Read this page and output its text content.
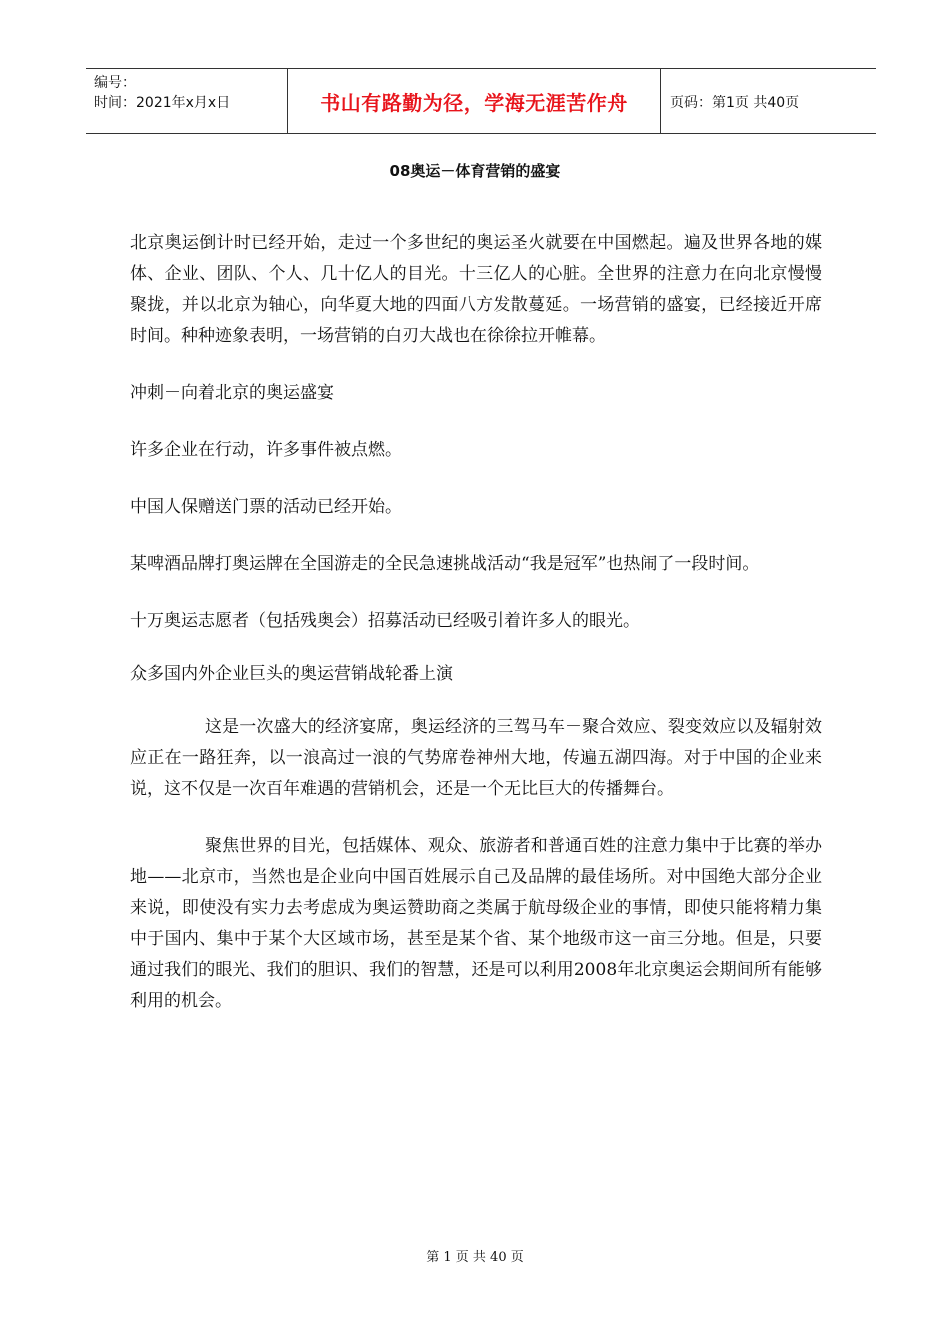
编号：
时间：2021年x月x日	书山有路勤为径，学海无涯苦作舟	页码：第1页 共40页
08奥运－体育营销的盛宴

北京奥运倒计时已经开始，走过一个多世纪的奥运圣火就要在中国燃起。遍及世界各地的媒体、企业、团队、个人、几十亿人的目光。十三亿人的心脏。全世界的注意力在向北京慢慢聚拢，并以北京为轴心，向华夏大地的四面八方发散蔓延。一场营销的盛宴，已经接近开席时间。种种迹象表明，一场营销的白刃大战也在徐徐拉开帷幕。

冲刺－向着北京的奥运盛宴

许多企业在行动，许多事件被点燃。

中国人保赠送门票的活动已经开始。

某啤酒品牌打奥运牌在全国游走的全民急速挑战活动“我是冠军”也热闹了一段时间。

十万奥运志愿者（包括残奥会）招募活动已经吸引着许多人的眼光。

众多国内外企业巨头的奥运营销战轮番上演

这是一次盛大的经济宴席，奥运经济的三驾马车－聚合效应、裂变效应以及辐射效应正在一路狂奔，以一浪高过一浪的气势席卷神州大地，传遍五湖四海。对于中国的企业来说，这不仅是一次百年难遇的营销机会，还是一个无比巨大的传播舞台。

聚焦世界的目光，包括媒体、观众、旅游者和普通百姓的注意力集中于比赛的举办地——北京市，当然也是企业向中国百姓展示自己及品牌的最佳场所。对中国绝大部分企业来说，即使没有实力去考虑成为奥运赞助商之类属于航母级企业的事情，即使只能将精力集中于国内、集中于某个大区域市场，甚至是某个省、某个地级市这一亩三分地。但是，只要通过我们的眼光、我们的胆识、我们的智慧，还是可以利用2008年北京奥运会期间所有能够利用的机会。

第 1 页 共 40 页
